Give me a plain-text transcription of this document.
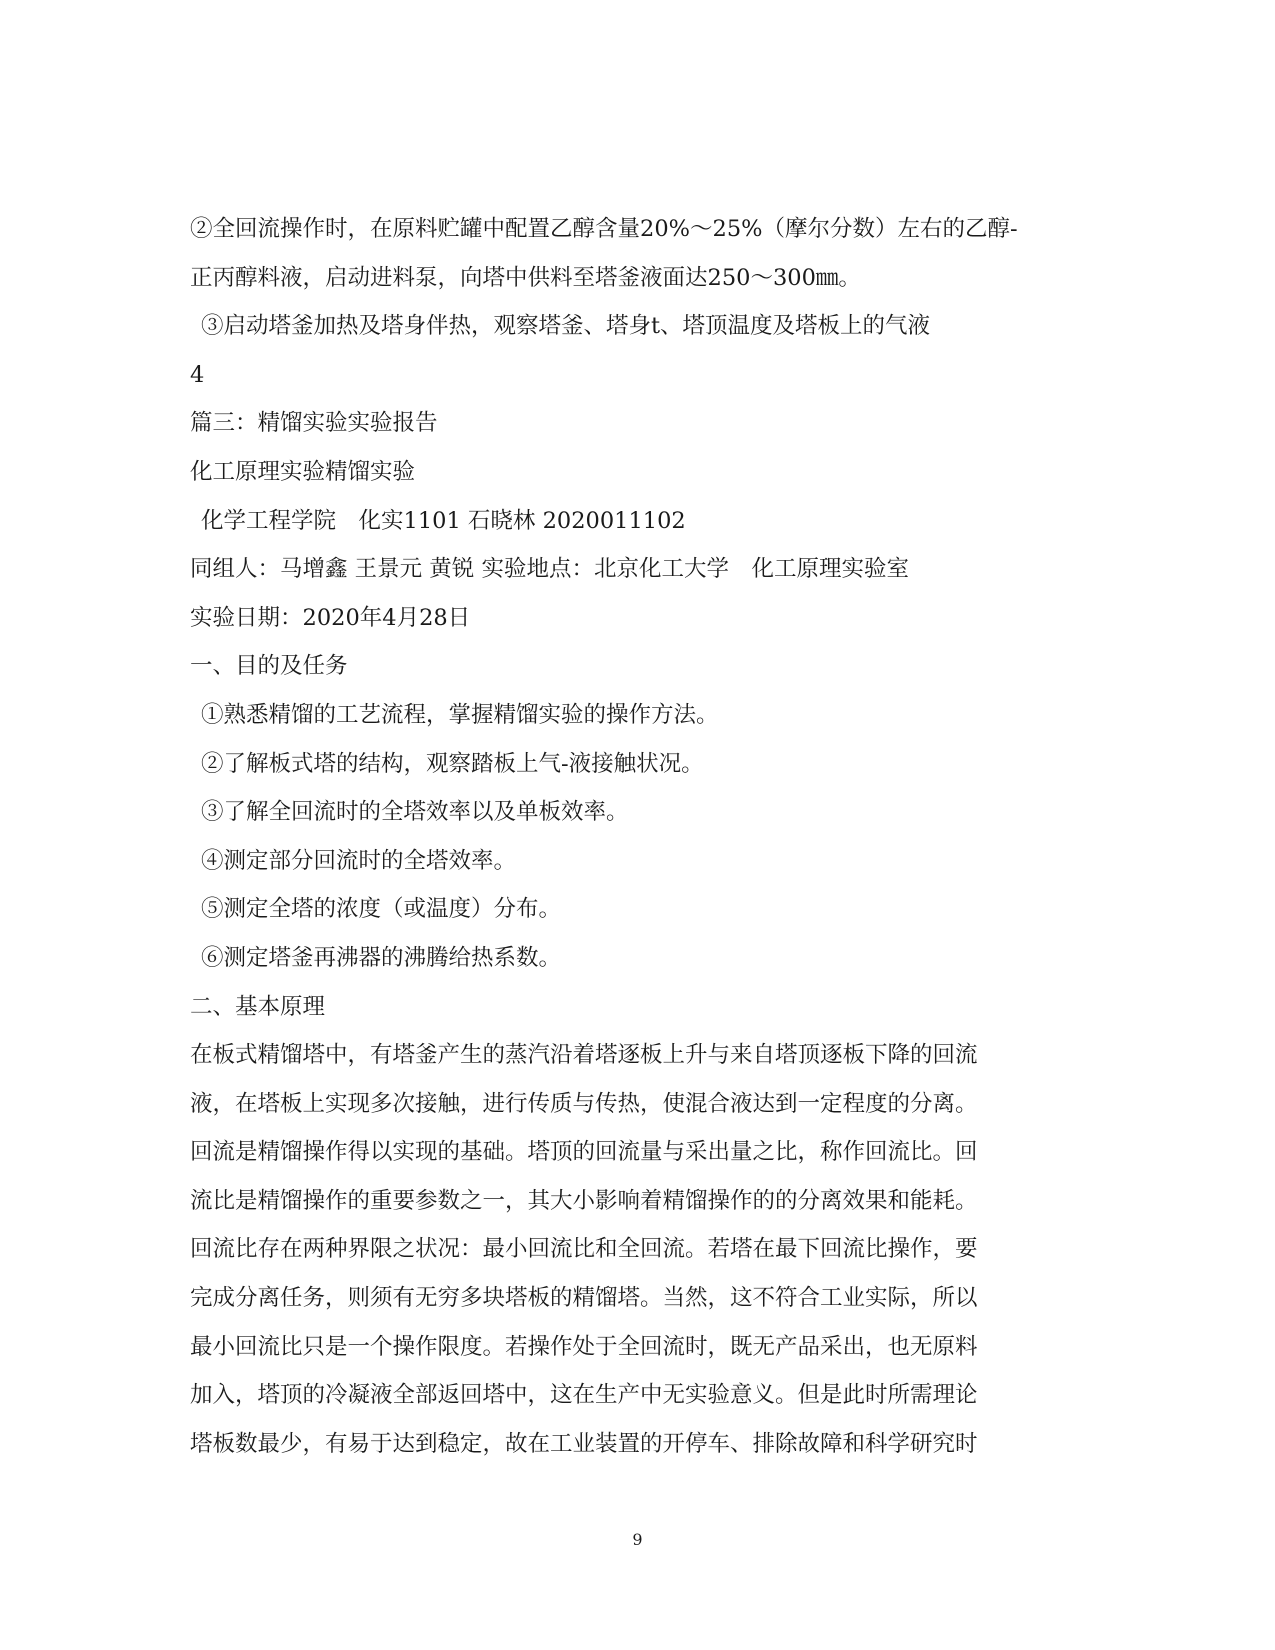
②全回流操作时，在原料贮罐中配置乙醇含量20%～25%（摩尔分数）左右的乙醇-
正丙醇料液，启动进料泵，向塔中供料至塔釜液面达250～300㎜。
③启动塔釜加热及塔身伴热，观察塔釜、塔身t、塔顶温度及塔板上的气液
4
篇三：精馏实验实验报告
化工原理实验精馏实验
化学工程学院　化实1101 石晓林 2020011102
同组人：马增鑫 王景元 黄锐 实验地点：北京化工大学　化工原理实验室
实验日期：2020年4月28日
一、目的及任务
①熟悉精馏的工艺流程，掌握精馏实验的操作方法。
②了解板式塔的结构，观察踏板上气-液接触状况。
③了解全回流时的全塔效率以及单板效率。
④测定部分回流时的全塔效率。
⑤测定全塔的浓度（或温度）分布。
⑥测定塔釜再沸器的沸腾给热系数。
二、基本原理
在板式精馏塔中，有塔釜产生的蒸汽沿着塔逐板上升与来自塔顶逐板下降的回流
液，在塔板上实现多次接触，进行传质与传热，使混合液达到一定程度的分离。
回流是精馏操作得以实现的基础。塔顶的回流量与采出量之比，称作回流比。回
流比是精馏操作的重要参数之一，其大小影响着精馏操作的的分离效果和能耗。
回流比存在两种界限之状况：最小回流比和全回流。若塔在最下回流比操作，要
完成分离任务，则须有无穷多块塔板的精馏塔。当然，这不符合工业实际，所以
最小回流比只是一个操作限度。若操作处于全回流时，既无产品采出，也无原料
加入，塔顶的冷凝液全部返回塔中，这在生产中无实验意义。但是此时所需理论
塔板数最少，有易于达到稳定，故在工业装置的开停车、排除故障和科学研究时
9
